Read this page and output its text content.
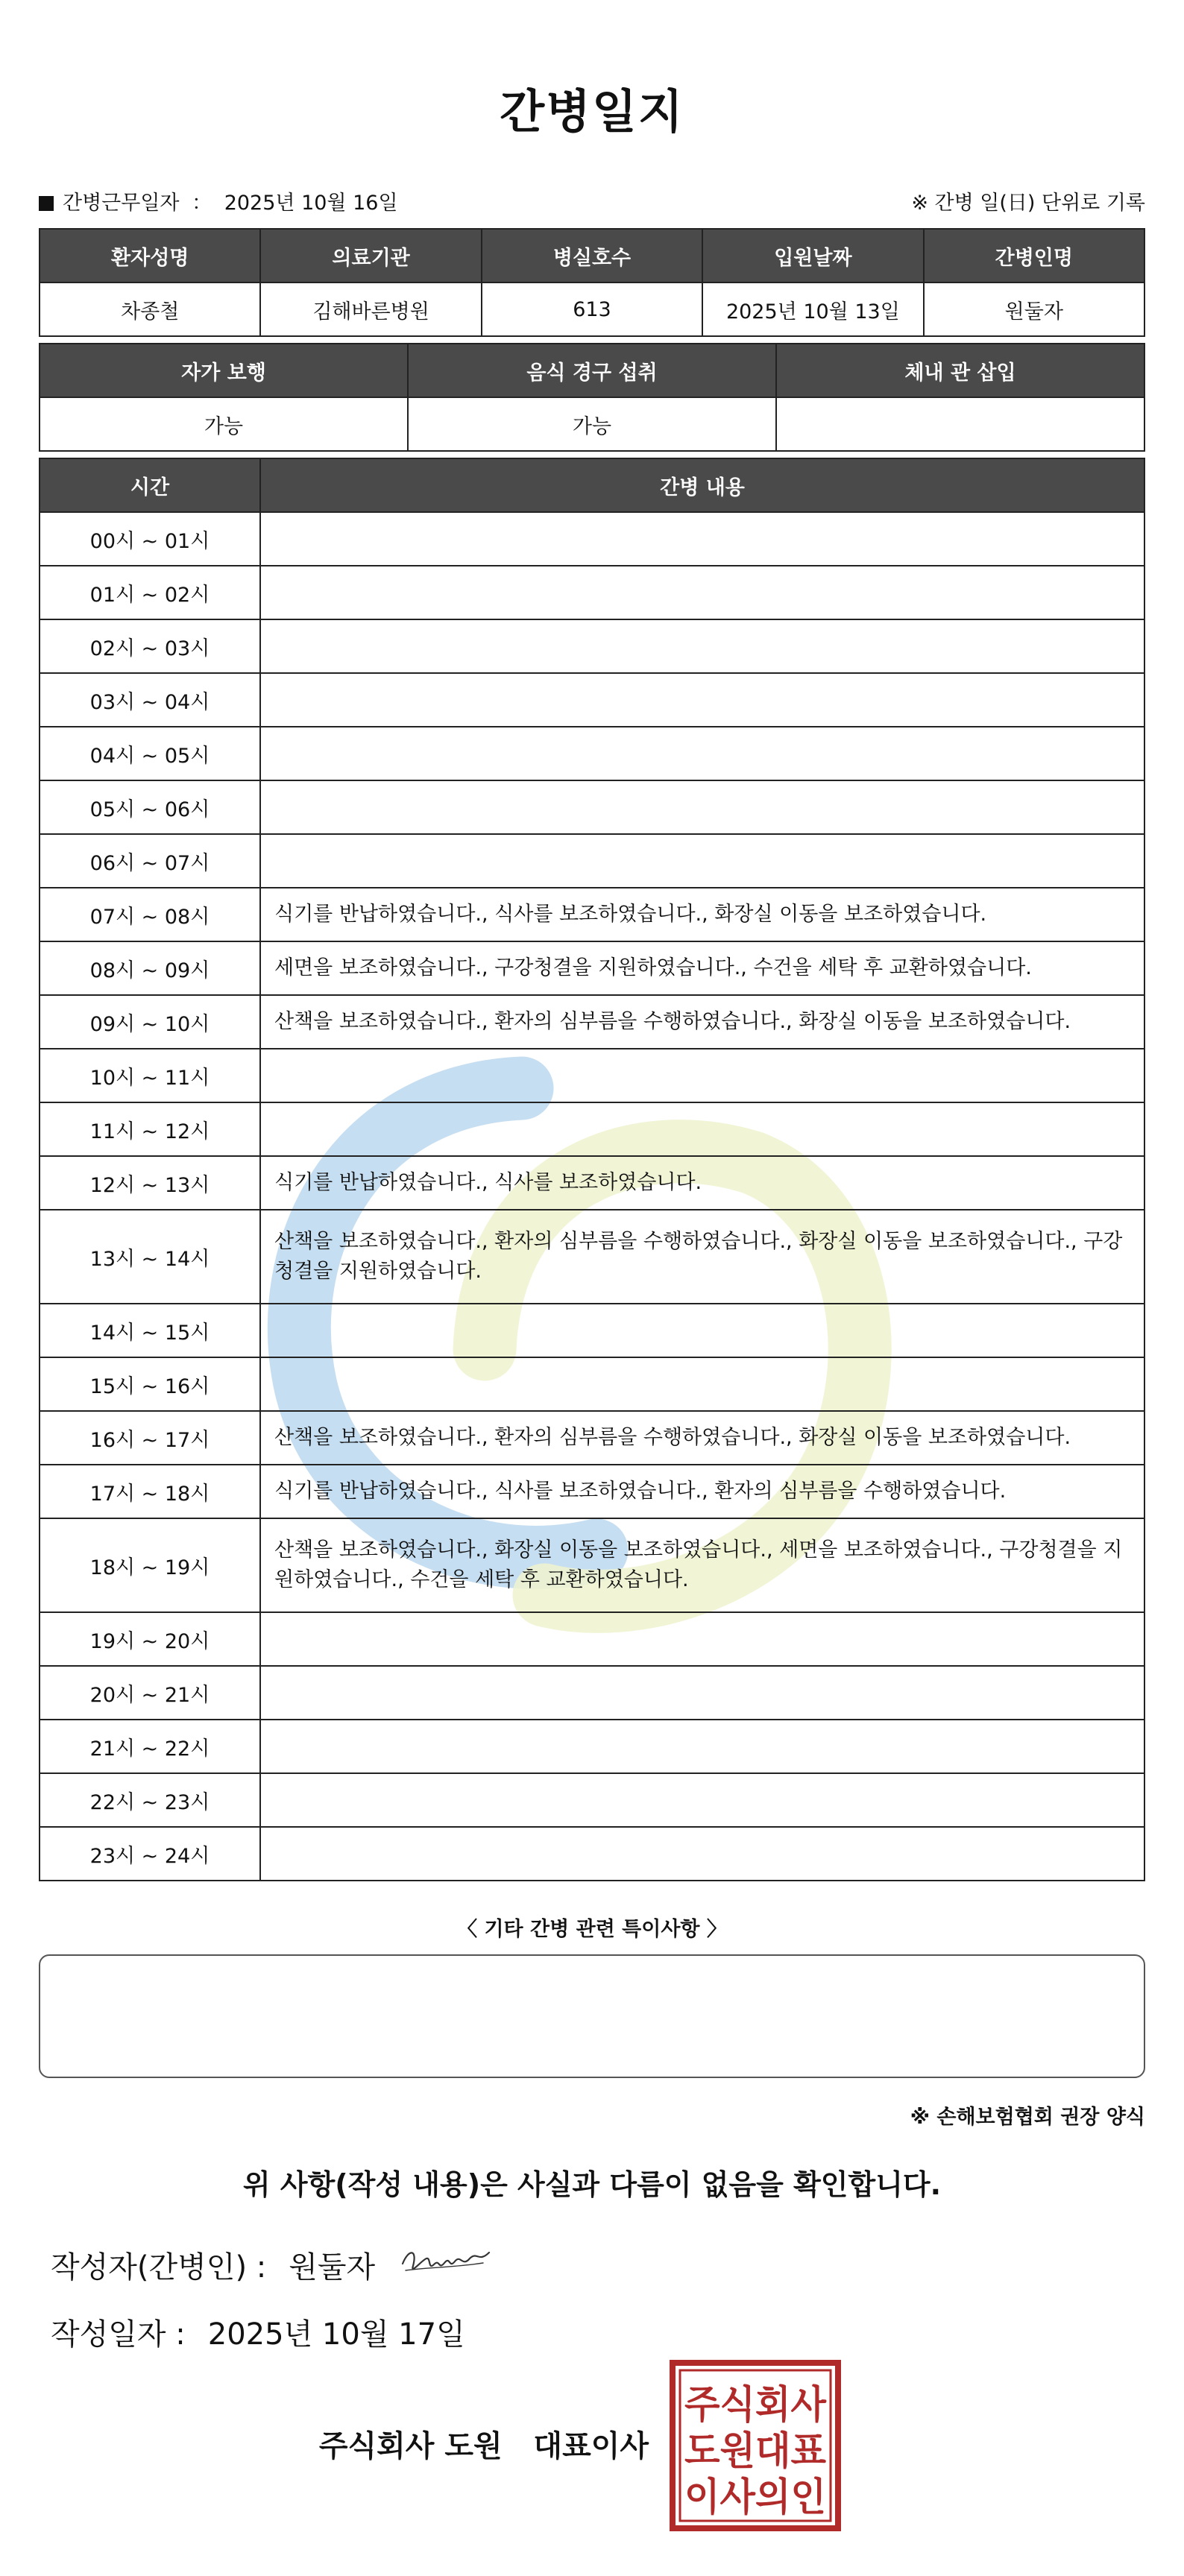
간병일지
간병근무일자 ： 2025년 10월 16일	※ 간병 일(日) 단위로 기록
환자성명	의료기관	병실호수	입원날짜	간병인명
차종철	김해바른병원	613	2025년 10월 13일	원둘자
자가 보행	음식 경구 섭취	체내 관 삽입
가능	가능	
시간	간병 내용
00시 ~ 01시	
01시 ~ 02시	
02시 ~ 03시	
03시 ~ 04시	
04시 ~ 05시	
05시 ~ 06시	
06시 ~ 07시	
07시 ~ 08시	식기를 반납하였습니다., 식사를 보조하였습니다., 화장실 이동을 보조하였습니다.
08시 ~ 09시	세면을 보조하였습니다., 구강청결을 지원하였습니다., 수건을 세탁 후 교환하였습니다.
09시 ~ 10시	산책을 보조하였습니다., 환자의 심부름을 수행하였습니다., 화장실 이동을 보조하였습니다.
10시 ~ 11시	
11시 ~ 12시	
12시 ~ 13시	식기를 반납하였습니다., 식사를 보조하였습니다.
13시 ~ 14시	산책을 보조하였습니다., 환자의 심부름을 수행하였습니다., 화장실 이동을 보조하였습니다., 구강청결을 지원하였습니다.
14시 ~ 15시	
15시 ~ 16시	
16시 ~ 17시	산책을 보조하였습니다., 환자의 심부름을 수행하였습니다., 화장실 이동을 보조하였습니다.
17시 ~ 18시	식기를 반납하였습니다., 식사를 보조하였습니다., 환자의 심부름을 수행하였습니다.
18시 ~ 19시	산책을 보조하였습니다., 화장실 이동을 보조하였습니다., 세면을 보조하였습니다., 구강청결을 지원하였습니다., 수건을 세탁 후 교환하였습니다.
19시 ~ 20시	
20시 ~ 21시	
21시 ~ 22시	
22시 ~ 23시	
23시 ~ 24시	
〈 기타 간병 관련 특이사항 〉
※ 손해보험협회 권장 양식
위 사항(작성 내용)은 사실과 다름이 없음을 확인합니다.
작성자(간병인) : 원둘자
작성일자 : 2025년 10월 17일
주식회사 도원   대표이사
주식회사
도원대표
이사의인
